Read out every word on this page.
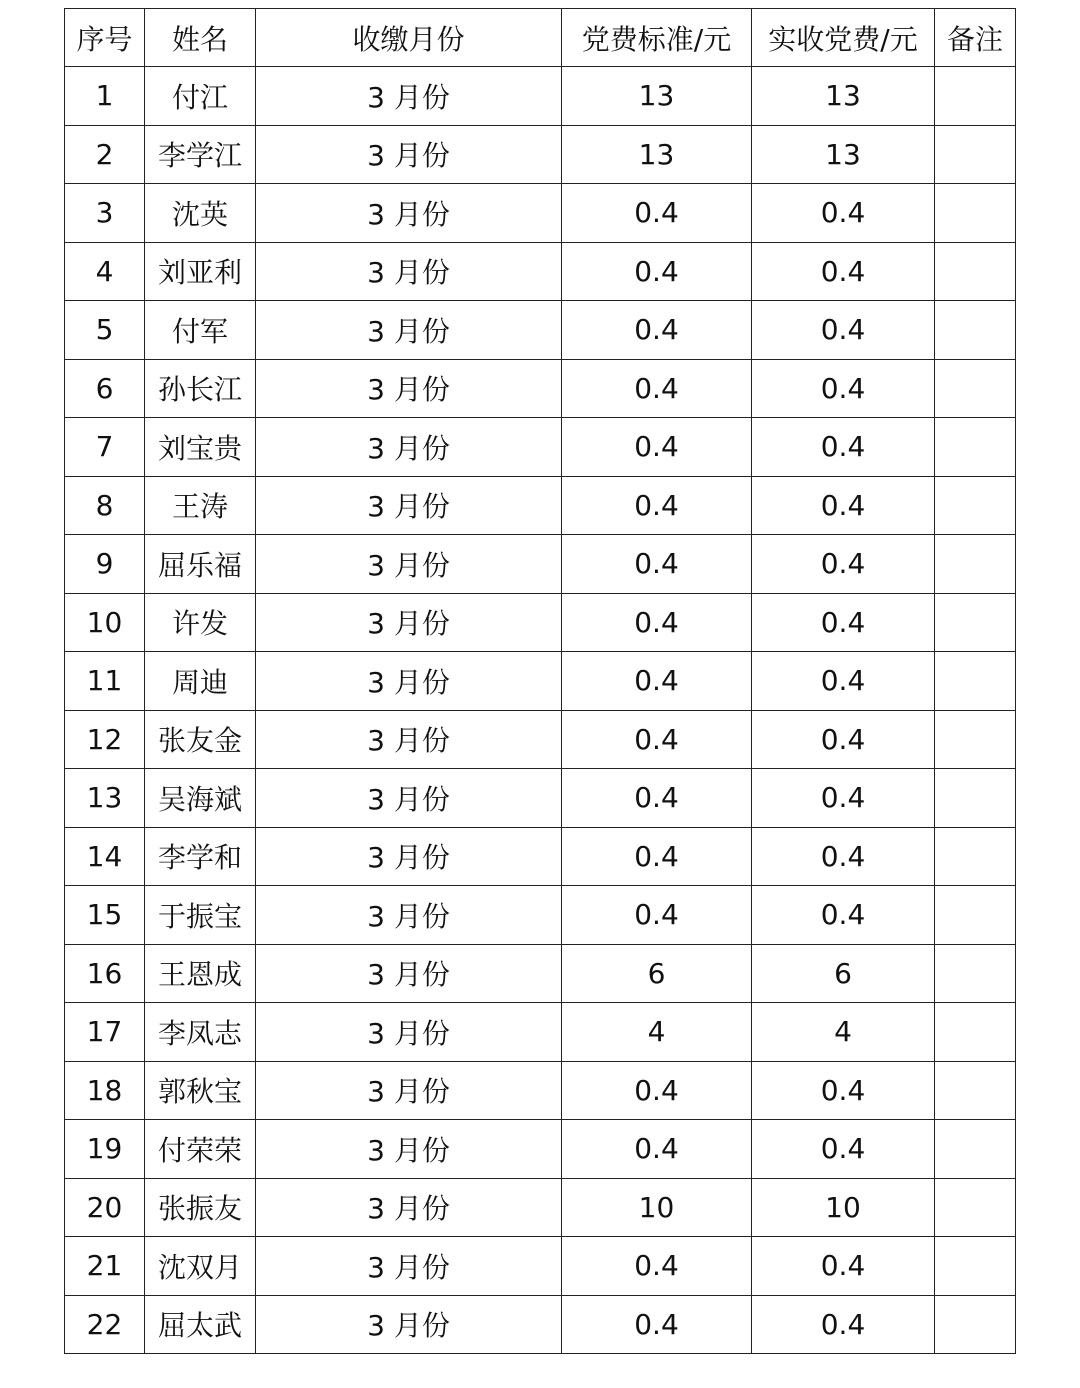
序号	姓名	收缴月份	党费标准/元	实收党费/元	备注
1	付江	3 月份	13	13	
2	李学江	3 月份	13	13	
3	沈英	3 月份	0.4	0.4	
4	刘亚利	3 月份	0.4	0.4	
5	付军	3 月份	0.4	0.4	
6	孙长江	3 月份	0.4	0.4	
7	刘宝贵	3 月份	0.4	0.4	
8	王涛	3 月份	0.4	0.4	
9	屈乐福	3 月份	0.4	0.4	
10	许发	3 月份	0.4	0.4	
11	周迪	3 月份	0.4	0.4	
12	张友金	3 月份	0.4	0.4	
13	吴海斌	3 月份	0.4	0.4	
14	李学和	3 月份	0.4	0.4	
15	于振宝	3 月份	0.4	0.4	
16	王恩成	3 月份	6	6	
17	李凤志	3 月份	4	4	
18	郭秋宝	3 月份	0.4	0.4	
19	付荣荣	3 月份	0.4	0.4	
20	张振友	3 月份	10	10	
21	沈双月	3 月份	0.4	0.4	
22	屈太武	3 月份	0.4	0.4	
